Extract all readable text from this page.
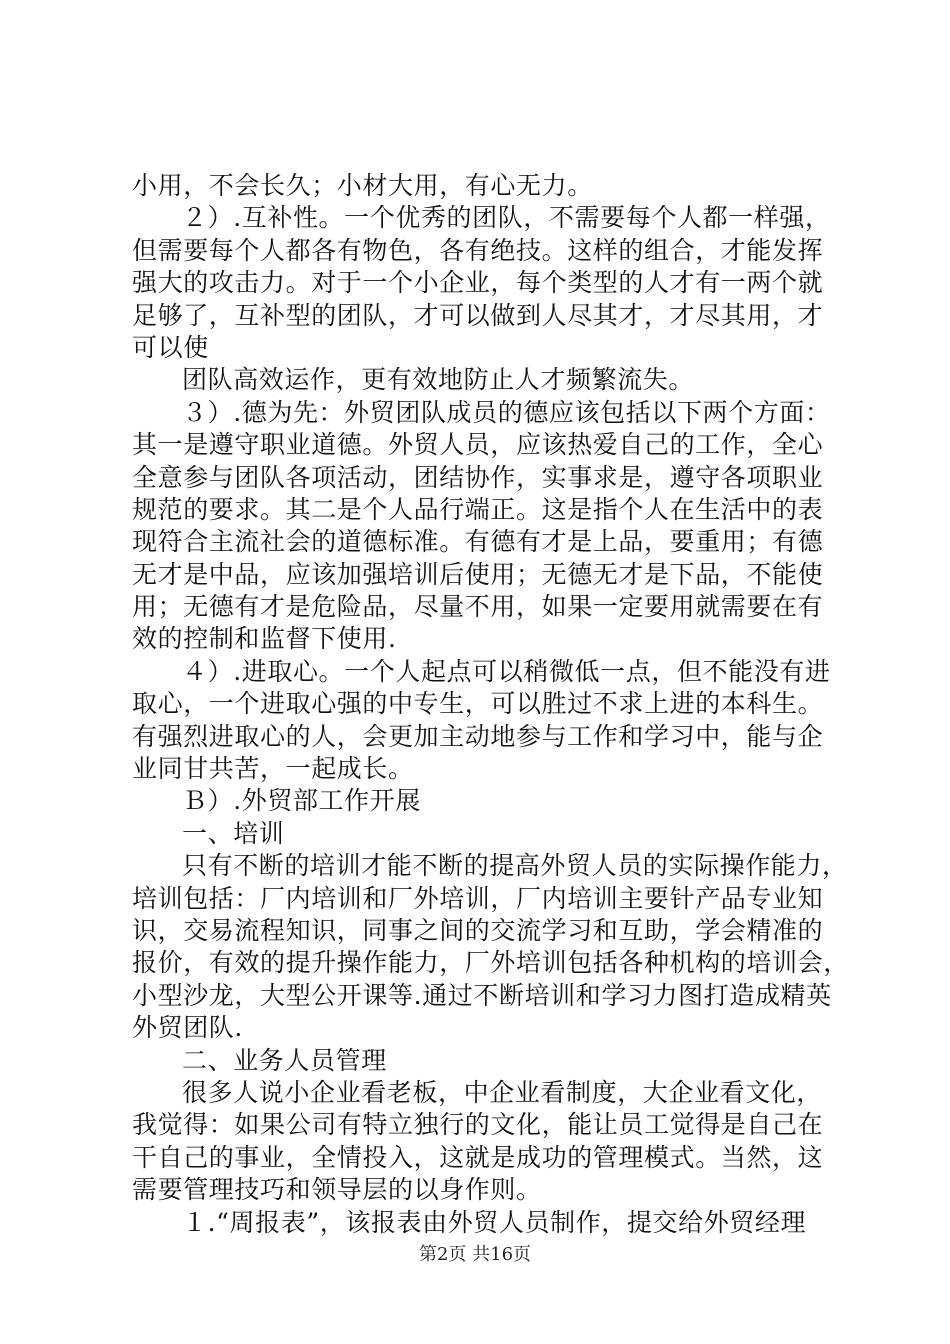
小用，不会长久；小材大用，有心无力。
２）.互补性。一个优秀的团队，不需要每个人都一样强，
但需要每个人都各有物色，各有绝技。这样的组合，才能发挥
强大的攻击力。对于一个小企业，每个类型的人才有一两个就
足够了，互补型的团队，才可以做到人尽其才，才尽其用，才
可以使
团队高效运作，更有效地防止人才频繁流失。
３）.德为先：外贸团队成员的德应该包括以下两个方面：
其一是遵守职业道德。外贸人员，应该热爱自己的工作，全心
全意参与团队各项活动，团结协作，实事求是，遵守各项职业
规范的要求。其二是个人品行端正。这是指个人在生活中的表
现符合主流社会的道德标准。有德有才是上品，要重用；有德
无才是中品，应该加强培训后使用；无德无才是下品，不能使
用；无德有才是危险品，尽量不用，如果一定要用就需要在有
效的控制和监督下使用.
４）.进取心。一个人起点可以稍微低一点，但不能没有进
取心，一个进取心强的中专生，可以胜过不求上进的本科生。
有强烈进取心的人，会更加主动地参与工作和学习中，能与企
业同甘共苦，一起成长。
Ｂ）.外贸部工作开展
一、培训
只有不断的培训才能不断的提高外贸人员的实际操作能力，
培训包括：厂内培训和厂外培训，厂内培训主要针产品专业知
识，交易流程知识，同事之间的交流学习和互助，学会精准的
报价，有效的提升操作能力，厂外培训包括各种机构的培训会，
小型沙龙，大型公开课等.通过不断培训和学习力图打造成精英
外贸团队.
二、业务人员管理
很多人说小企业看老板，中企业看制度，大企业看文化，
我觉得：如果公司有特立独行的文化，能让员工觉得是自己在
干自己的事业，全情投入，这就是成功的管理模式。当然，这
需要管理技巧和领导层的以身作则。
１.“周报表”，该报表由外贸人员制作，提交给外贸经理
第2页 共16页
